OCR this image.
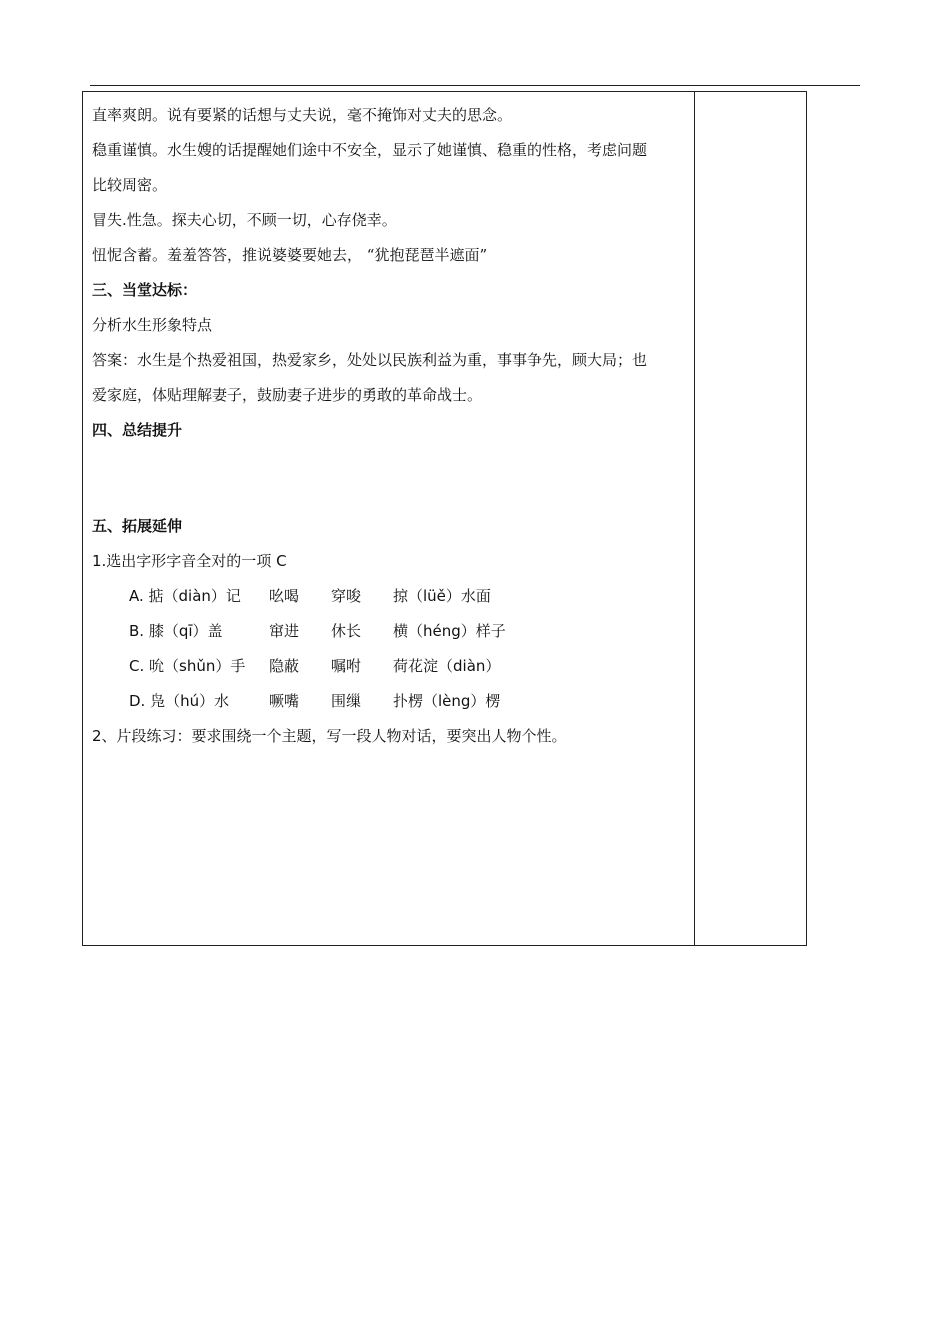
直率爽朗。说有要紧的话想与丈夫说，毫不掩饰对丈夫的思念。

稳重谨慎。水生嫂的话提醒她们途中不安全，显示了她谨慎、稳重的性格，考虑问题

比较周密。

冒失.性急。探夫心切，不顾一切，心存侥幸。

忸怩含蓄。羞羞答答，推说婆婆要她去， “犹抱琵琶半遮面”

三、当堂达标：

分析水生形象特点

答案：水生是个热爱祖国，热爱家乡，处处以民族利益为重，事事争先，顾大局；也

爱家庭，体贴理解妻子，鼓励妻子进步的勇敢的革命战士。

四、总结提升

五、拓展延伸

1.选出字形字音全对的一项 C

A. 掂（diàn）记 吆喝 穿唆 掠（lüě）水面

B. 膝（qī）盖	窜进 休长 横（héng）样子

C. 吮（shǔn）手 隐蔽 嘱咐 荷花淀（diàn）

D. 凫（hú）水	噘嘴 围缫 扑楞（lèng）楞

2、片段练习：要求围绕一个主题，写一段人物对话，要突出人物个性。
